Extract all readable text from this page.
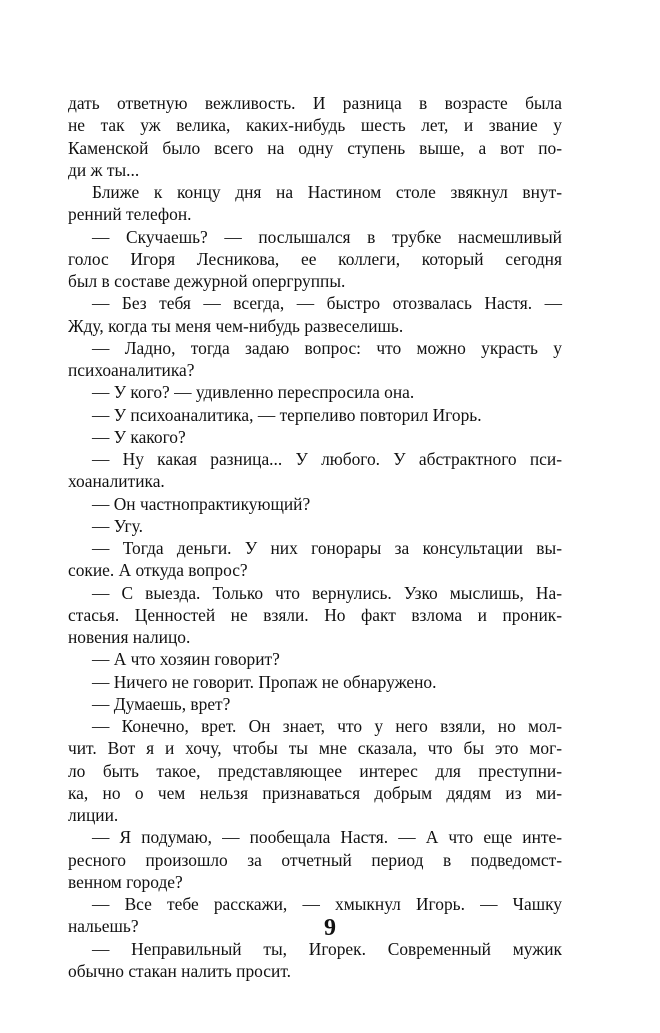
дать ответную вежливость. И разница в возрасте была
не так уж велика, каких-нибудь шесть лет, и звание у
Каменской было всего на одну ступень выше, а вот по-
ди ж ты...
Ближе к концу дня на Настином столе звякнул внут-
ренний телефон.
— Скучаешь? — послышался в трубке насмешливый
голос Игоря Лесникова, ее коллеги, который сегодня
был в составе дежурной опергруппы.
— Без тебя — всегда, — быстро отозвалась Настя. —
Жду, когда ты меня чем-нибудь развеселишь.
— Ладно, тогда задаю вопрос: что можно украсть у
психоаналитика?
— У кого? — удивленно переспросила она.
— У психоаналитика, — терпеливо повторил Игорь.
— У какого?
— Ну какая разница... У любого. У абстрактного пси-
хоаналитика.
— Он частнопрактикующий?
— Угу.
— Тогда деньги. У них гонорары за консультации вы-
сокие. А откуда вопрос?
— С выезда. Только что вернулись. Узко мыслишь, На-
стасья. Ценностей не взяли. Но факт взлома и проник-
новения налицо.
— А что хозяин говорит?
— Ничего не говорит. Пропаж не обнаружено.
— Думаешь, врет?
— Конечно, врет. Он знает, что у него взяли, но мол-
чит. Вот я и хочу, чтобы ты мне сказала, что бы это мог-
ло быть такое, представляющее интерес для преступни-
ка, но о чем нельзя признаваться добрым дядям из ми-
лиции.
— Я подумаю, — пообещала Настя. — А что еще инте-
ресного произошло за отчетный период в подведомст-
венном городе?
— Все тебе расскажи, — хмыкнул Игорь. — Чашку
нальешь?
— Неправильный ты, Игорек. Современный мужик
обычно стакан налить просит.
9
